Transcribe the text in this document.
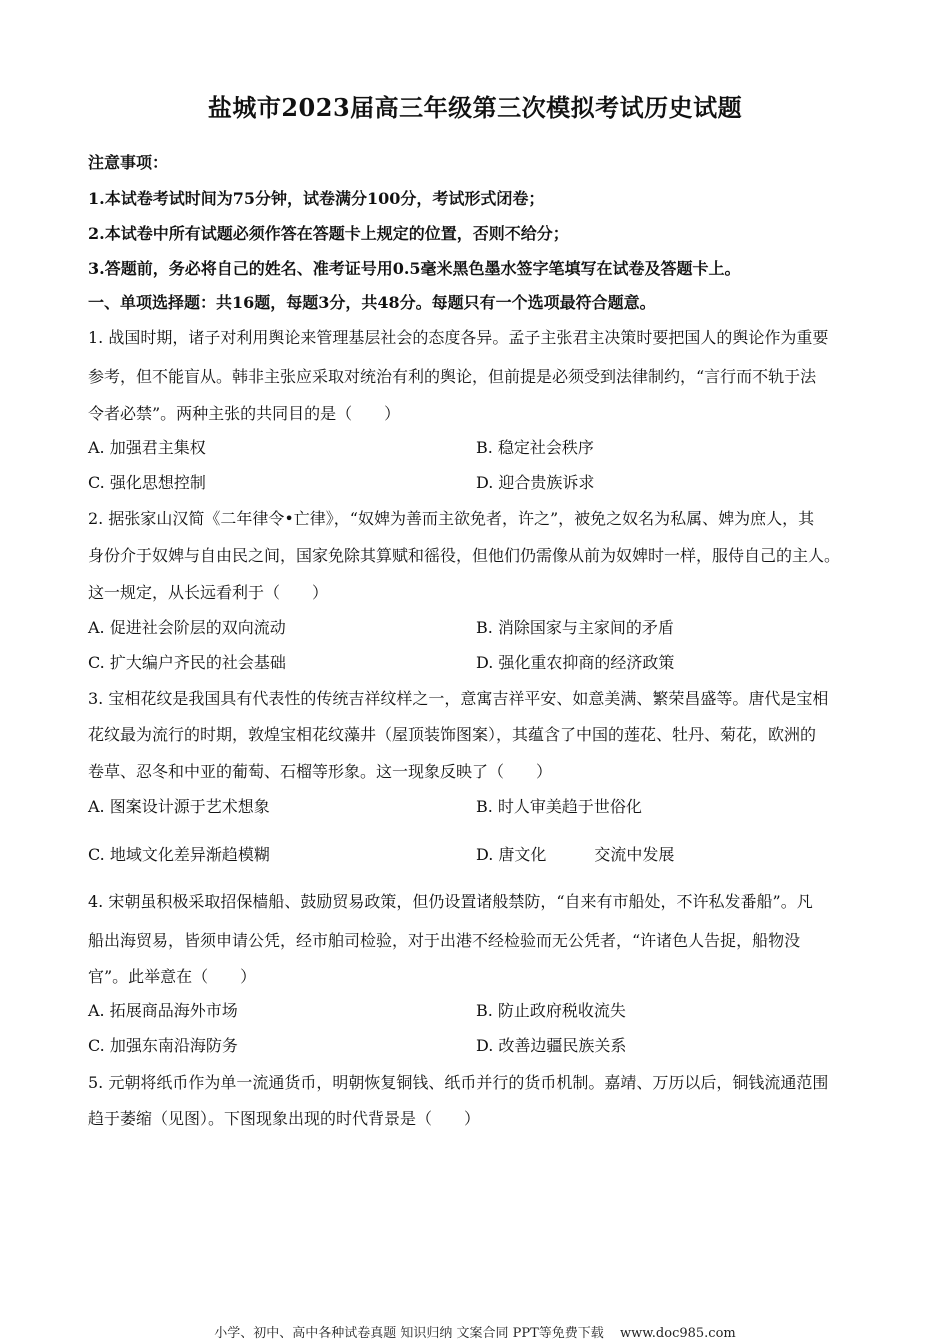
盐城市2023届高三年级第三次模拟考试历史试题
注意事项：
1.本试卷考试时间为75分钟，试卷满分100分，考试形式闭卷；
2.本试卷中所有试题必须作答在答题卡上规定的位置，否则不给分；
3.答题前，务必将自己的姓名、准考证号用0.5毫米黑色墨水签字笔填写在试卷及答题卡上。
一、单项选择题：共16题，每题3分，共48分。每题只有一个选项最符合题意。
1. 战国时期，诸子对利用舆论来管理基层社会的态度各异。孟子主张君主决策时要把国人的舆论作为重要
参考，但不能盲从。韩非主张应采取对统治有利的舆论，但前提是必须受到法律制约，“言行而不轨于法
令者必禁”。两种主张的共同目的是（　　）
A. 加强君主集权	B. 稳定社会秩序
C. 强化思想控制	D. 迎合贵族诉求
2. 据张家山汉简《二年律令•亡律》，“奴婢为善而主欲免者，许之”，被免之奴名为私属、婢为庶人，其
身份介于奴婢与自由民之间，国家免除其算赋和徭役，但他们仍需像从前为奴婢时一样，服侍自己的主人。
这一规定，从长远看利于（　　）
A. 促进社会阶层的双向流动	B. 消除国家与主家间的矛盾
C. 扩大编户齐民的社会基础	D. 强化重农抑商的经济政策
3. 宝相花纹是我国具有代表性的传统吉祥纹样之一，意寓吉祥平安、如意美满、繁荣昌盛等。唐代是宝相
花纹最为流行的时期，敦煌宝相花纹藻井（屋顶装饰图案），其蕴含了中国的莲花、牡丹、菊花，欧洲的
卷草、忍冬和中亚的葡萄、石榴等形象。这一现象反映了（　　）
A. 图案设计源于艺术想象	B. 时人审美趋于世俗化
C. 地域文化差异渐趋模糊	D. 唐文化　　　交流中发展
4. 宋朝虽积极采取招保樯船、鼓励贸易政策，但仍设置诸般禁防，“自来有市船处，不许私发番船”。凡
船出海贸易，皆须申请公凭，经市舶司检验，对于出港不经检验而无公凭者，“许诸色人告捉，船物没
官”。此举意在（　　）
A. 拓展商品海外市场	B. 防止政府税收流失
C. 加强东南沿海防务	D. 改善边疆民族关系
5. 元朝将纸币作为单一流通货币，明朝恢复铜钱、纸币并行的货币机制。嘉靖、万历以后，铜钱流通范围
趋于萎缩（见图）。下图现象出现的时代背景是（　　）
小学、初中、高中各种试卷真题 知识归纳 文案合同 PPT等免费下载 www.doc985.com
